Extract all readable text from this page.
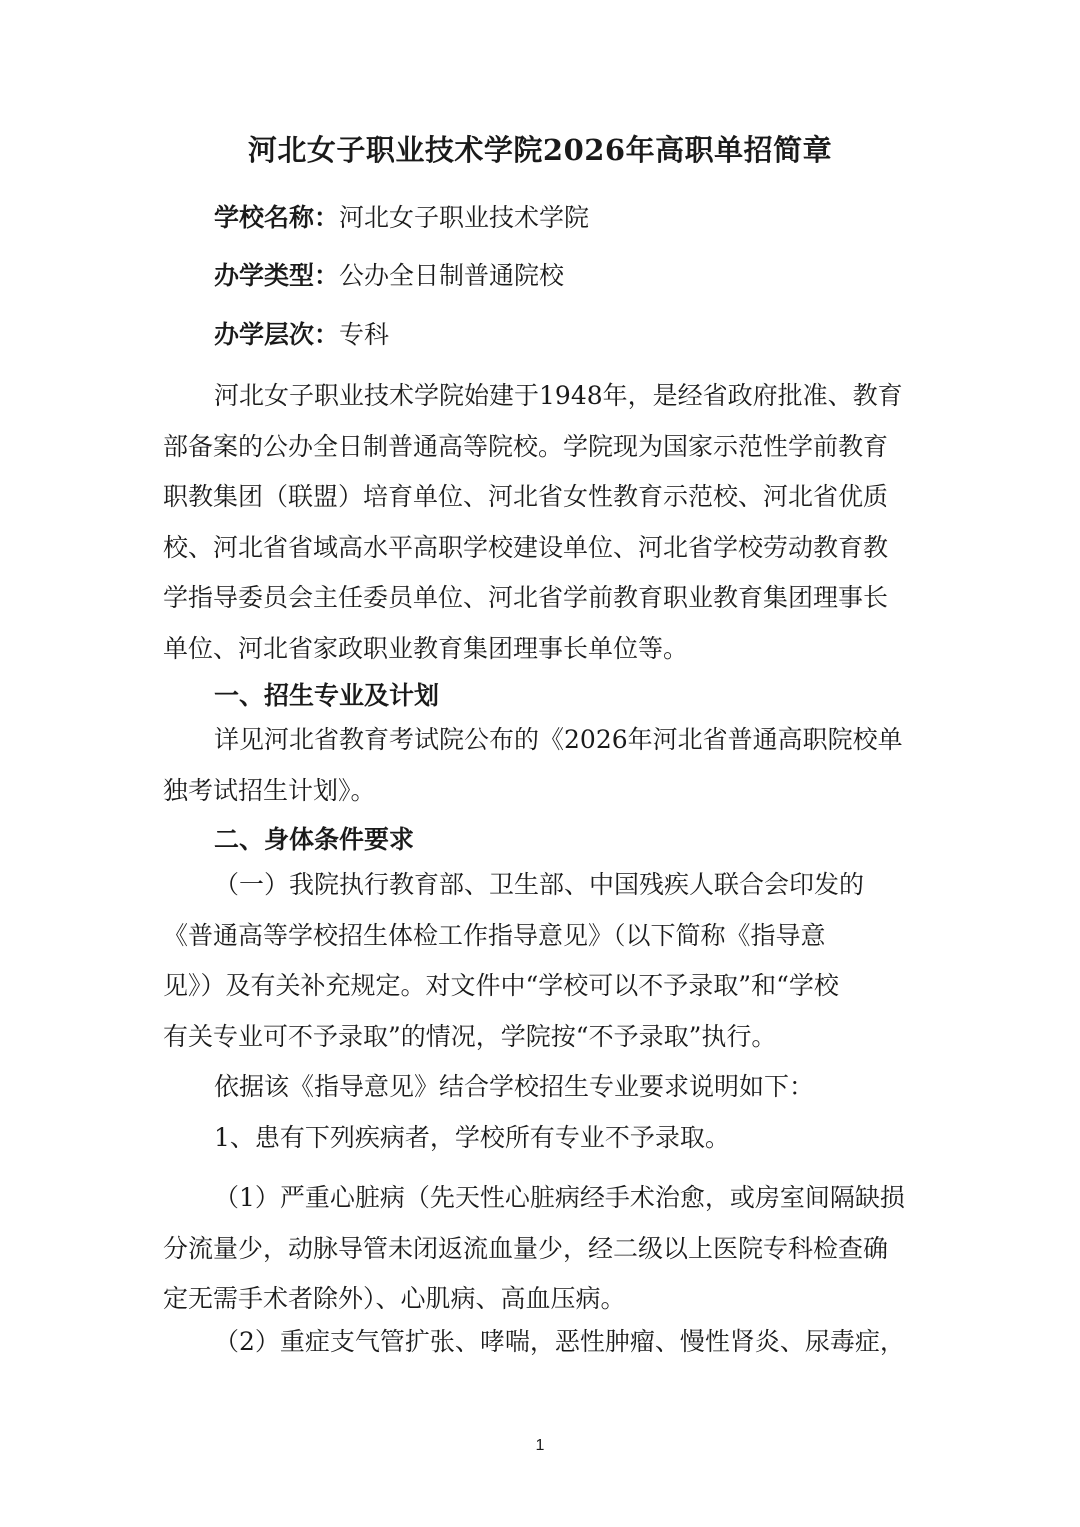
河北女子职业技术学院2026年高职单招简章
学校名称：河北女子职业技术学院
办学类型：公办全日制普通院校
办学层次：专科
河北女子职业技术学院始建于1948年，是经省政府批准、教育
部备案的公办全日制普通高等院校。学院现为国家示范性学前教育
职教集团（联盟）培育单位、河北省女性教育示范校、河北省优质
校、河北省省域高水平高职学校建设单位、河北省学校劳动教育教
学指导委员会主任委员单位、河北省学前教育职业教育集团理事长
单位、河北省家政职业教育集团理事长单位等。
一、招生专业及计划
详见河北省教育考试院公布的《2026年河北省普通高职院校单
独考试招生计划》。
二、身体条件要求
（一）我院执行教育部、卫生部、中国残疾人联合会印发的
《普通高等学校招生体检工作指导意见》（以下简称《指导意
见》）及有关补充规定。对文件中“学校可以不予录取”和“学校
有关专业可不予录取”的情况，学院按“不予录取”执行。
依据该《指导意见》结合学校招生专业要求说明如下：
1、患有下列疾病者，学校所有专业不予录取。
（1）严重心脏病（先天性心脏病经手术治愈，或房室间隔缺损
分流量少，动脉导管未闭返流血量少，经二级以上医院专科检查确
定无需手术者除外）、心肌病、高血压病。
（2）重症支气管扩张、哮喘，恶性肿瘤、慢性肾炎、尿毒症，
1
